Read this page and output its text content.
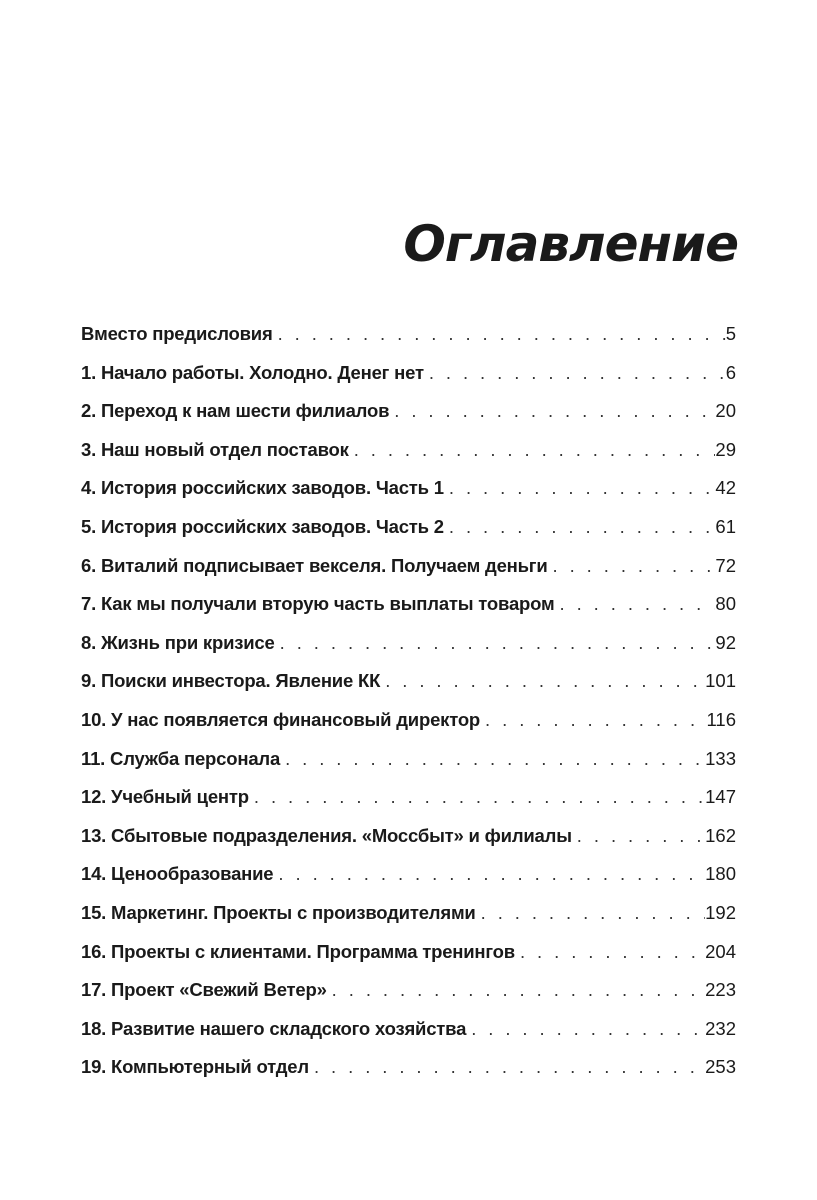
Оглавление
Вместо предисловия . . .	5
1. Начало работы. Холодно. Денег нет . . .	6
2. Переход к нам шести филиалов . . .	20
3. Наш новый отдел поставок . . .	29
4. История российских заводов. Часть 1 . . .	42
5. История российских заводов. Часть 2 . . .	61
6. Виталий подписывает векселя. Получаем деньги . . .	72
7. Как мы получали вторую часть выплаты товаром . . .	80
8. Жизнь при кризисе . . .	92
9. Поиски инвестора. Явление КК . . .	101
10. У нас появляется финансовый директор . . .	116
11. Служба персонала . . .	133
12. Учебный центр . . .	147
13. Сбытовые подразделения. «Моссбыт» и филиалы . . .	162
14. Ценообразование . . .	180
15. Маркетинг. Проекты с производителями . . .	192
16. Проекты с клиентами. Программа тренингов . . .	204
17. Проект «Свежий Ветер» . . .	223
18. Развитие нашего складского хозяйства . . .	232
19. Компьютерный отдел . . .	253
